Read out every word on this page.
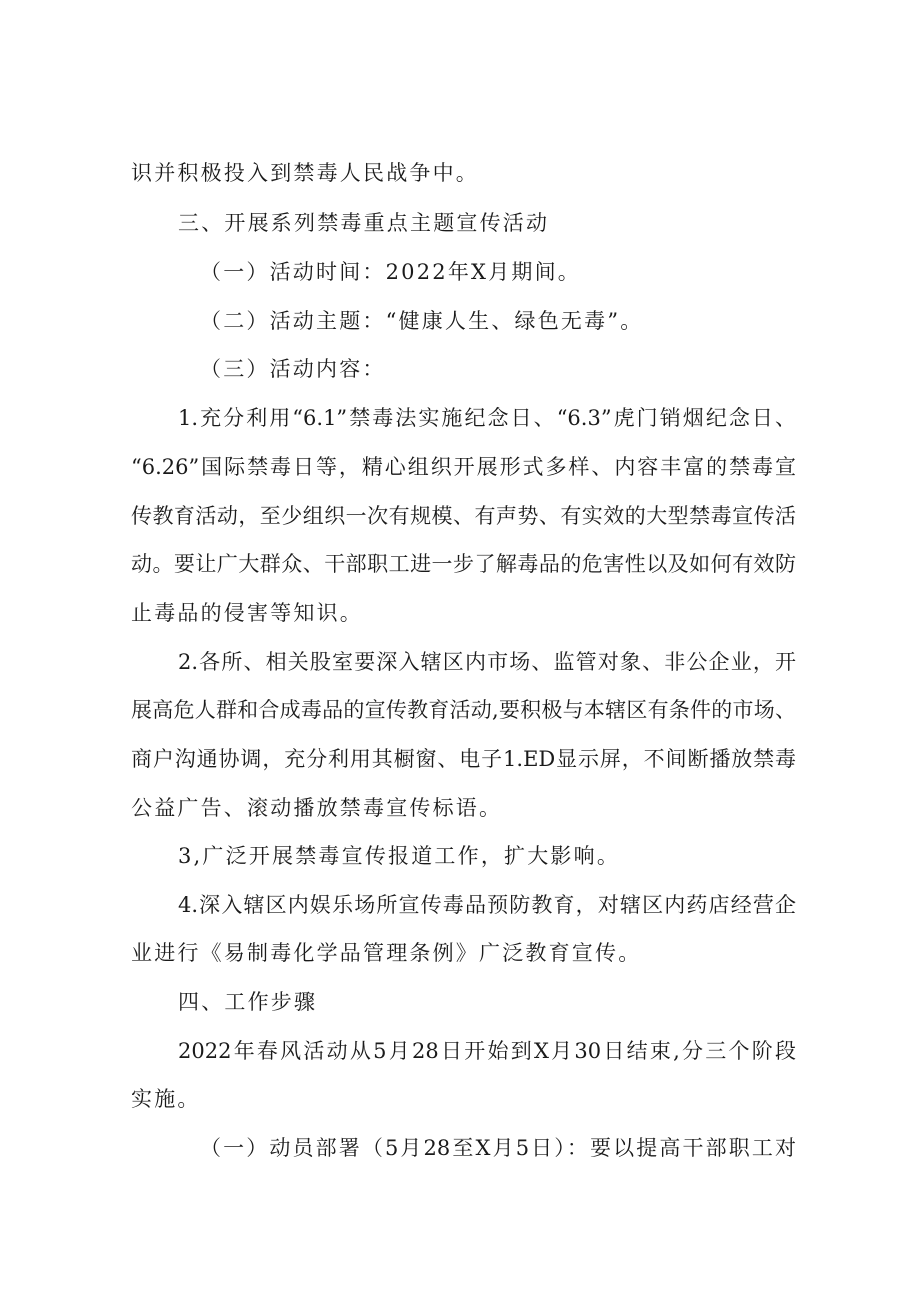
识并积极投入到禁毒人民战争中。
三、开展系列禁毒重点主题宣传活动
（一）活动时间：2022年X月期间。
（二）活动主题：“健康人生、绿色无毒”。
（三）活动内容：
1.充分利用“6.1”禁毒法实施纪念日、“6.3”虎门销烟纪念日、
“6.26”国际禁毒日等，精心组织开展形式多样、内容丰富的禁毒宣
传教育活动，至少组织一次有规模、有声势、有实效的大型禁毒宣传活
动。要让广大群众、干部职工进一步了解毒品的危害性以及如何有效防
止毒品的侵害等知识。
2.各所、相关股室要深入辖区内市场、监管对象、非公企业，开
展高危人群和合成毒品的宣传教育活动,要积极与本辖区有条件的市场、
商户沟通协调，充分利用其橱窗、电子1.ED显示屏，不间断播放禁毒
公益广告、滚动播放禁毒宣传标语。
3,广泛开展禁毒宣传报道工作，扩大影响。
4.深入辖区内娱乐场所宣传毒品预防教育，对辖区内药店经营企
业进行《易制毒化学品管理条例》广泛教育宣传。
四、工作步骤
2022年春风活动从5月28日开始到X月30日结束,分三个阶段
实施。
（一）动员部署（5月28至X月5日）：要以提高干部职工对
